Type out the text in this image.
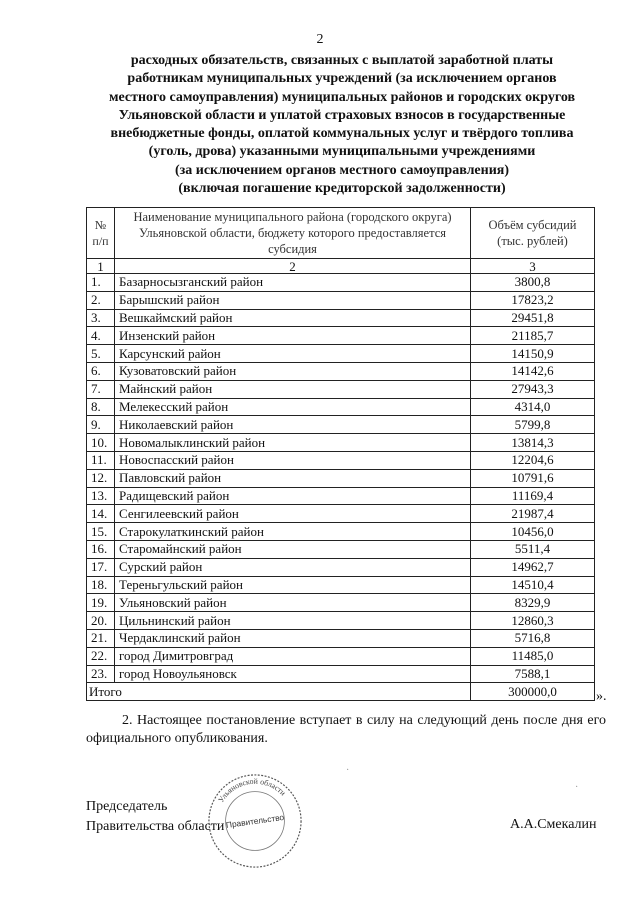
2
расходных обязательств, связанных с выплатой заработной платы
работникам муниципальных учреждений (за исключением органов
местного самоуправления) муниципальных районов и городских округов
Ульяновской области и уплатой страховых взносов в государственные
внебюджетные фонды, оплатой коммунальных услуг и твёрдого топлива
(уголь, дрова) указанными муниципальными учреждениями
(за исключением органов местного самоуправления)
(включая погашение кредиторской задолженности)
№ п/п	Наименование муниципального района (городского округа) Ульяновской области, бюджету которого предоставляется субсидия	Объём субсидий (тыс. рублей)
1	2	3
1.	Базарносызганский район	3800,8
2.	Барышский район	17823,2
3.	Вешкаймский район	29451,8
4.	Инзенский район	21185,7
5.	Карсунский район	14150,9
6.	Кузоватовский район	14142,6
7.	Майнский район	27943,3
8.	Мелекесский район	4314,0
9.	Николаевский район	5799,8
10.	Новомалыклинский район	13814,3
11.	Новоспасский район	12204,6
12.	Павловский район	10791,6
13.	Радищевский район	11169,4
14.	Сенгилеевский район	21987,4
15.	Старокулаткинский район	10456,0
16.	Старомайнский район	5511,4
17.	Сурский район	14962,7
18.	Тереньгульский район	14510,4
19.	Ульяновский район	8329,9
20.	Цильнинский район	12860,3
21.	Чердаклинский район	5716,8
22.	город Димитровград	11485,0
23.	город Новоульяновск	7588,1
Итого		300000,0	».
2. Настоящее постановление вступает в силу на следующий день после дня его официального опубликования.
Председатель
Правительства области	А.А.Смекалин
Ульяновской области
Правительство
·
·
